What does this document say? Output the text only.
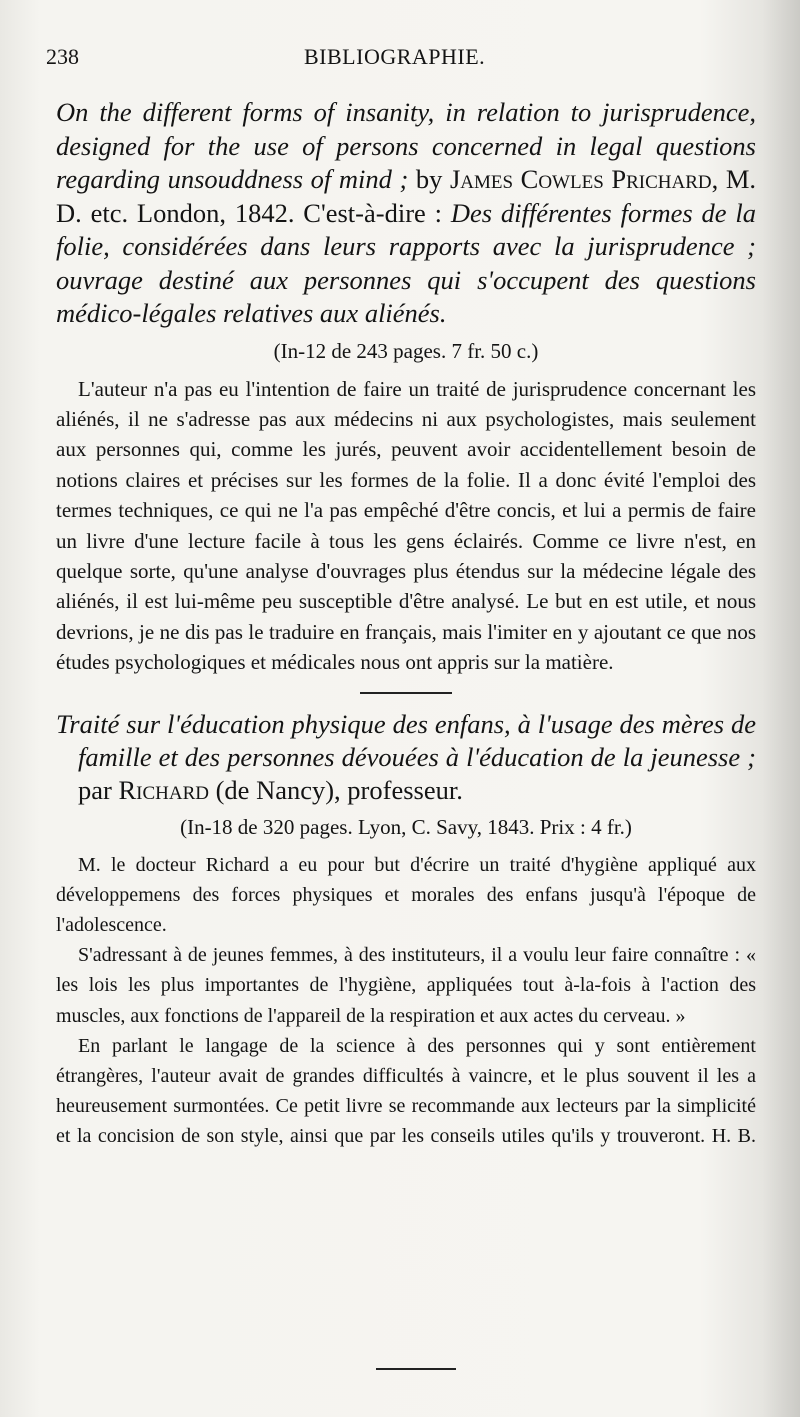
238	BIBLIOGRAPHIE.

On the different forms of insanity, in relation to jurisprudence, designed for the use of persons concerned in legal questions regarding unsouddness of mind ; by James Cowles Prichard, M. D. etc. London, 1842. C'est-à-dire : Des différentes formes de la folie, considérées dans leurs rapports avec la jurisprudence ; ouvrage destiné aux personnes qui s'occupent des questions médico-légales relatives aux aliénés.

(In-12 de 243 pages. 7 fr. 50 c.)

L'auteur n'a pas eu l'intention de faire un traité de jurisprudence concernant les aliénés, il ne s'adresse pas aux médecins ni aux psychologistes, mais seulement aux personnes qui, comme les jurés, peuvent avoir accidentellement besoin de notions claires et précises sur les formes de la folie. Il a donc évité l'emploi des termes techniques, ce qui ne l'a pas empêché d'être concis, et lui a permis de faire un livre d'une lecture facile à tous les gens éclairés. Comme ce livre n'est, en quelque sorte, qu'une analyse d'ouvrages plus étendus sur la médecine légale des aliénés, il est lui-même peu susceptible d'être analysé. Le but en est utile, et nous devrions, je ne dis pas le traduire en français, mais l'imiter en y ajoutant ce que nos études psychologiques et médicales nous ont appris sur la matière.

Traité sur l'éducation physique des enfans, à l'usage des mères de famille et des personnes dévouées à l'éducation de la jeunesse ; par Richard (de Nancy), professeur.

(In-18 de 320 pages. Lyon, C. Savy, 1843. Prix : 4 fr.)

M. le docteur Richard a eu pour but d'écrire un traité d'hygiène appliqué aux développemens des forces physiques et morales des enfans jusqu'à l'époque de l'adolescence.

S'adressant à de jeunes femmes, à des instituteurs, il a voulu leur faire connaître : « les lois les plus importantes de l'hygiène, appliquées tout à-la-fois à l'action des muscles, aux fonctions de l'appareil de la respiration et aux actes du cerveau. »

En parlant le langage de la science à des personnes qui y sont entièrement étrangères, l'auteur avait de grandes difficultés à vaincre, et le plus souvent il les a heureusement surmontées. Ce petit livre se recommande aux lecteurs par la simplicité et la concision de son style, ainsi que par les conseils utiles qu'ils y trouveront. H. B.
